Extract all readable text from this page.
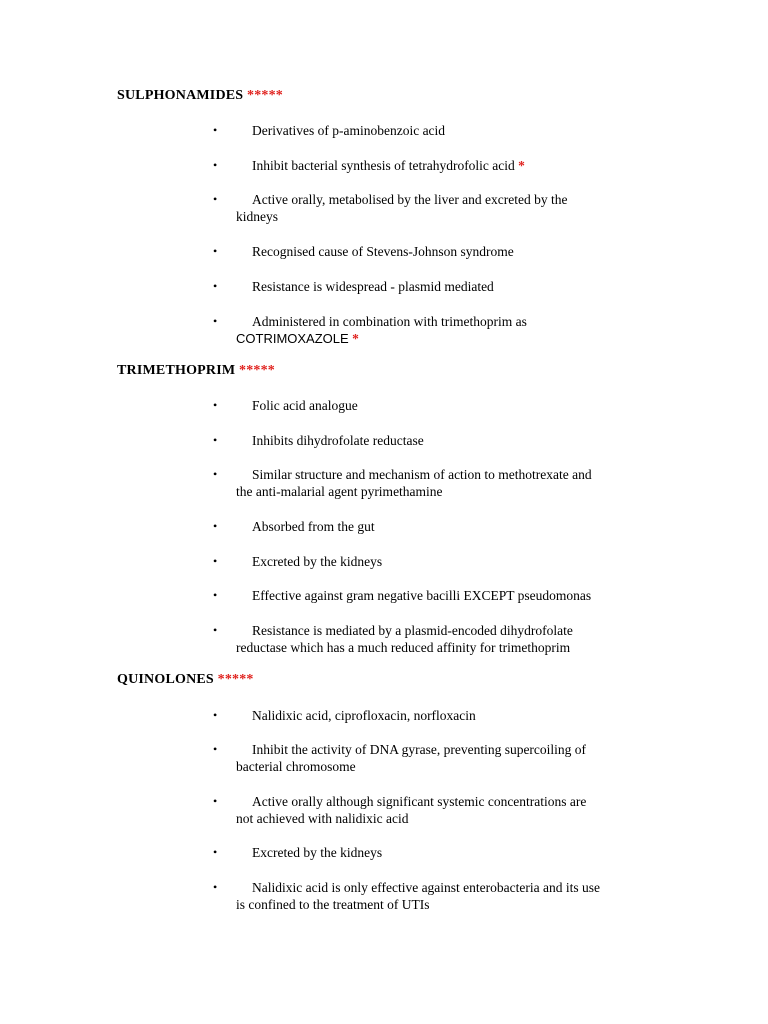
SULPHONAMIDES *****
•	Derivatives of p-aminobenzoic acid
•	Inhibit bacterial synthesis of tetrahydrofolic acid *
•	Active orally, metabolised by the liver and excreted by the
kidneys
•	Recognised cause of Stevens-Johnson syndrome
•	Resistance is widespread - plasmid mediated
•	Administered in combination with trimethoprim as
COTRIMOXAZOLE *
TRIMETHOPRIM *****
•	Folic acid analogue
•	Inhibits dihydrofolate reductase
•	Similar structure and mechanism of action to methotrexate and
the anti-malarial agent pyrimethamine
•	Absorbed from the gut
•	Excreted by the kidneys
•	Effective against gram negative bacilli EXCEPT pseudomonas
•	Resistance is mediated by a plasmid-encoded dihydrofolate
reductase which has a much reduced affinity for trimethoprim
QUINOLONES *****
•	Nalidixic acid, ciprofloxacin, norfloxacin
•	Inhibit the activity of DNA gyrase, preventing supercoiling of
bacterial chromosome
•	Active orally although significant systemic concentrations are
not achieved with nalidixic acid
•	Excreted by the kidneys
•	Nalidixic acid is only effective against enterobacteria and its use
is confined to the treatment of UTIs
